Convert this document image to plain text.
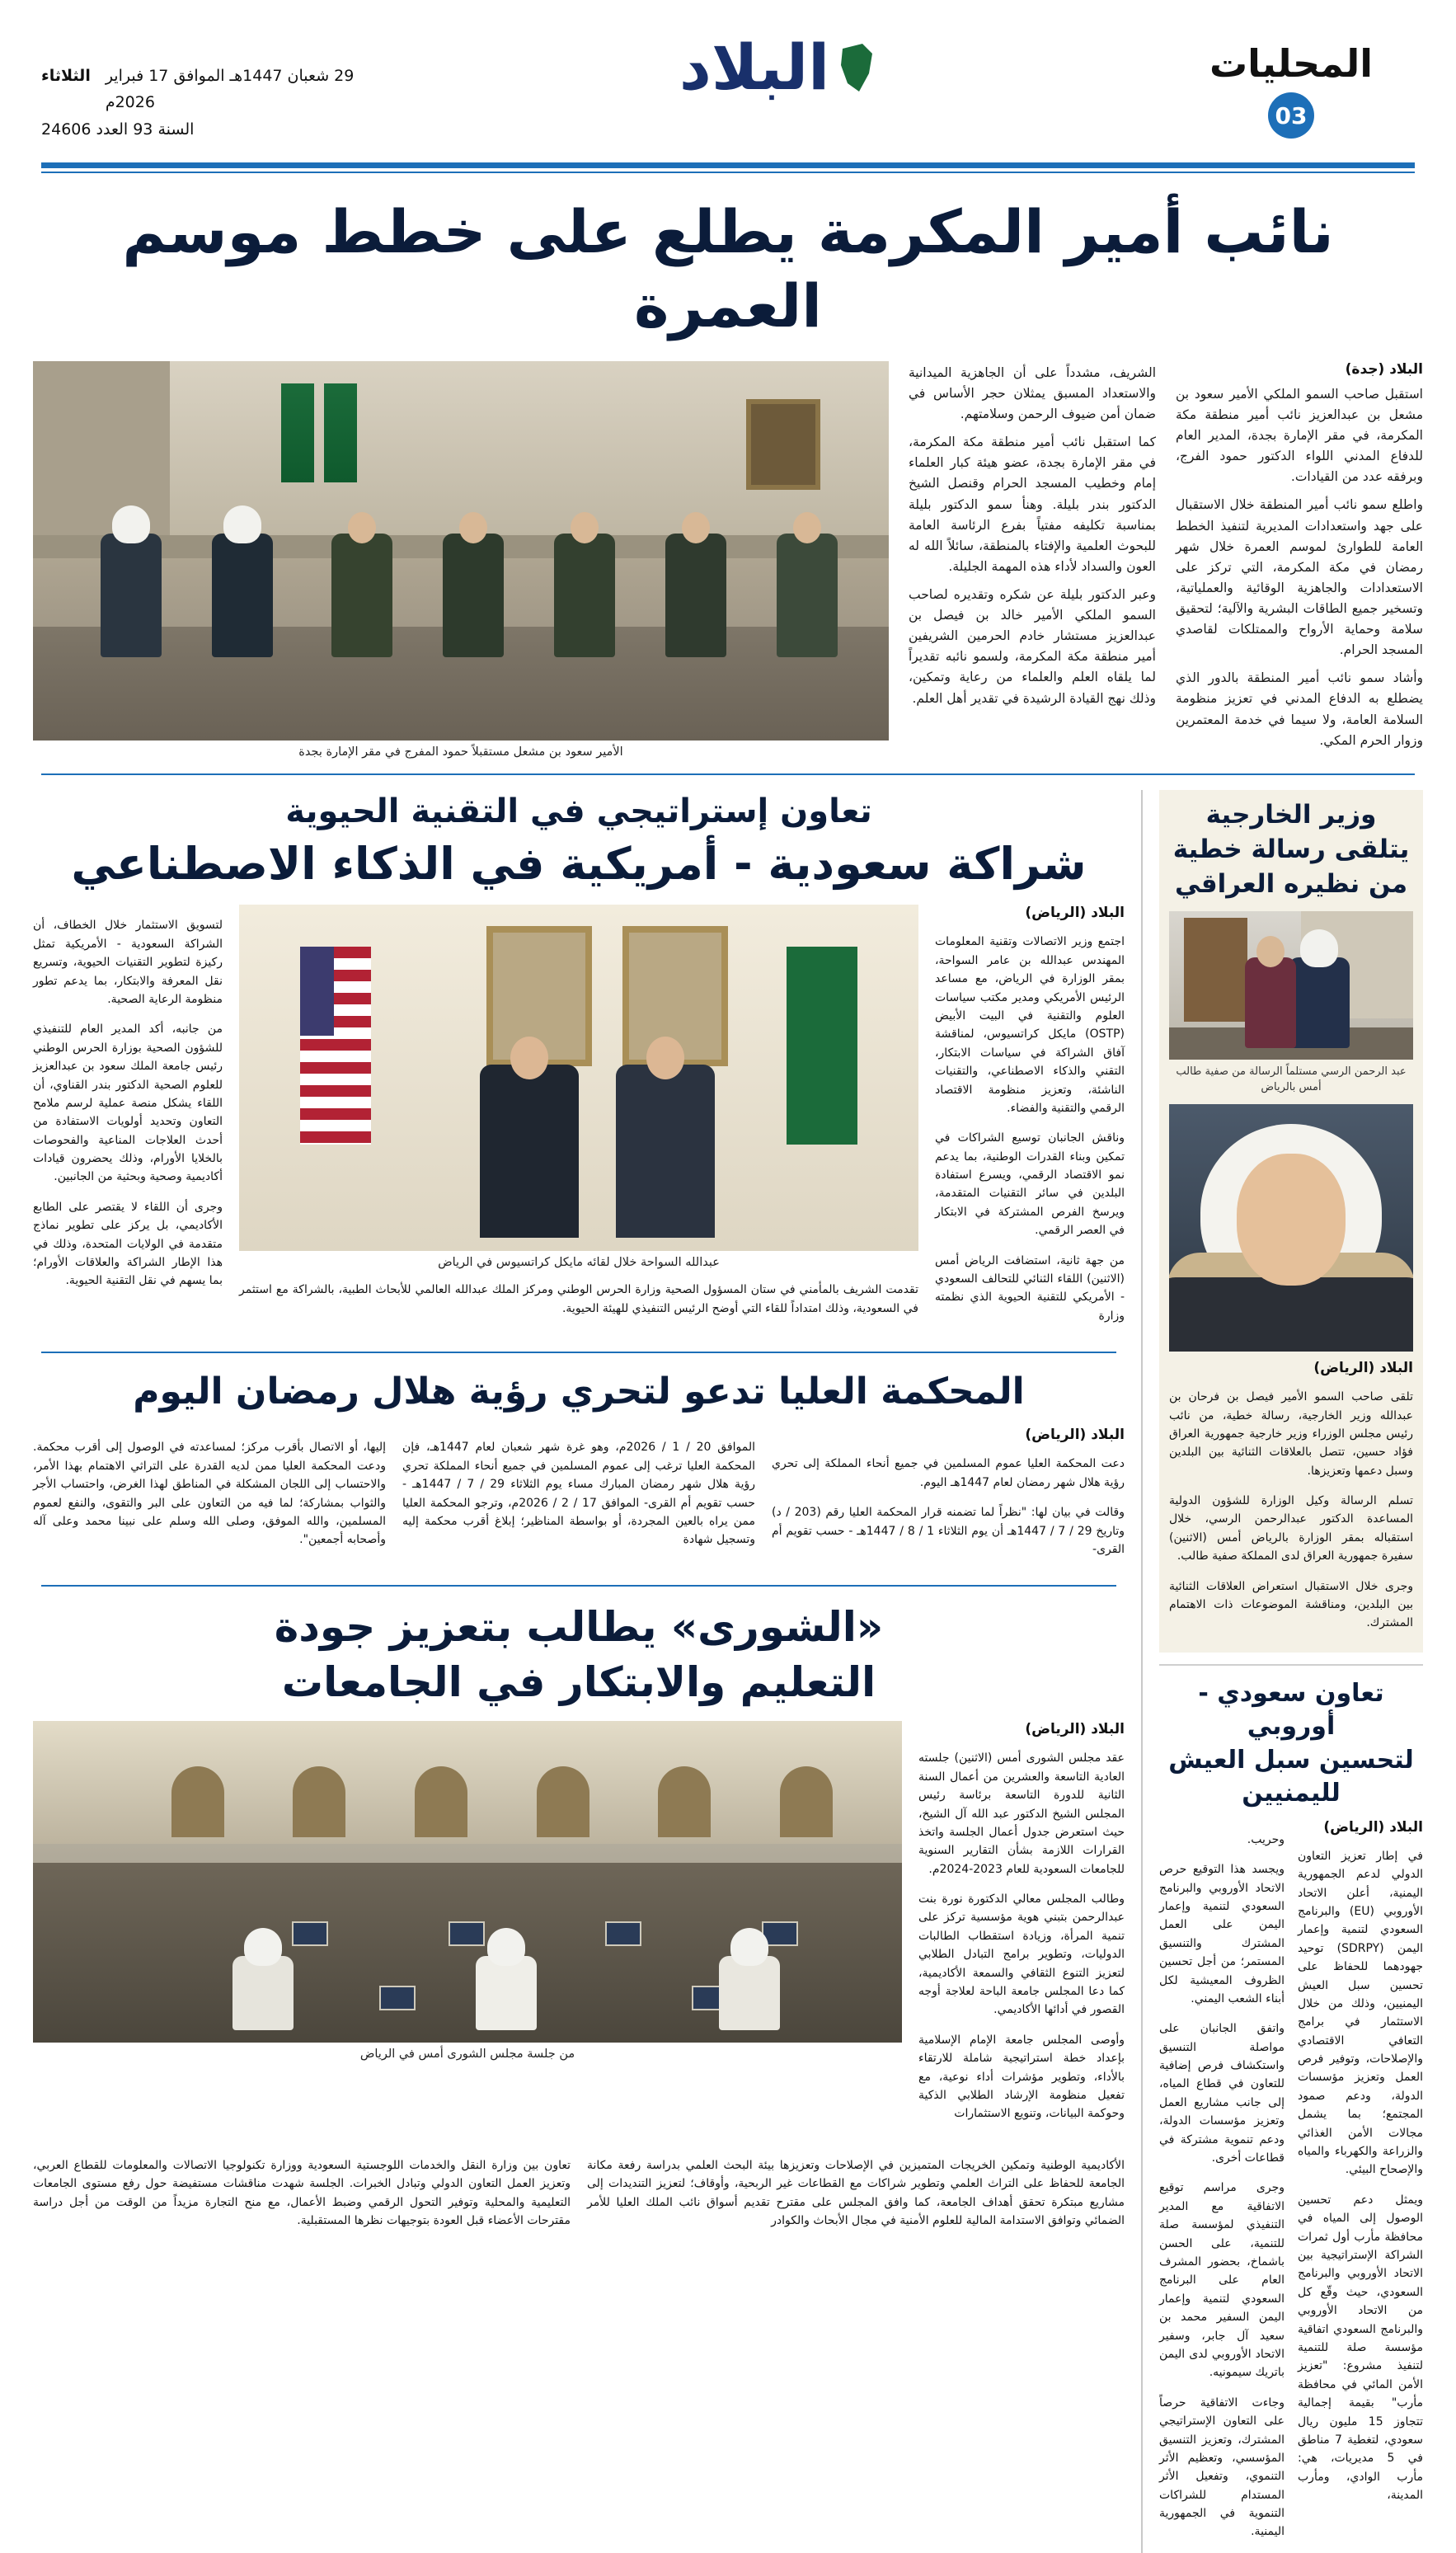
المحليات
03
البلاد
29 شعبان 1447هـ الموافق 17 فبراير 2026م
الثلاثاء
السنة 93 العدد 24606
نائب أمير المكرمة يطلع على خطط موسم العمرة
البلاد (جدة)

استقبل صاحب السمو الملكي الأمير سعود بن مشعل بن عبدالعزيز نائب أمير منطقة مكة المكرمة، في مقر الإمارة بجدة، المدير العام للدفاع المدني اللواء الدكتور حمود الفرج، وبرفقه عدد من القيادات.

واطلع سمو نائب أمير المنطقة خلال الاستقبال على جهد واستعدادات المديرية لتنفيذ الخطط العامة للطوارئ لموسم العمرة خلال شهر رمضان في مكة المكرمة، التي تركز على الاستعدادات والجاهزية الوقائية والعملياتية، وتسخير جميع الطاقات البشرية والآلية؛ لتحقيق سلامة وحماية الأرواح والممتلكات لقاصدي المسجد الحرام.

وأشاد سمو نائب أمير المنطقة بالدور الذي يضطلع به الدفاع المدني في تعزيز منظومة السلامة العامة، ولا سيما في خدمة المعتمرين وزوار الحرم المكي.

الشريف، مشدداً على أن الجاهزية الميدانية والاستعداد المسبق يمثلان حجر الأساس في ضمان أمن ضيوف الرحمن وسلامتهم.

كما استقبل نائب أمير منطقة مكة المكرمة، في مقر الإمارة بجدة، عضو هيئة كبار العلماء إمام وخطيب المسجد الحرام وقنصل الشيخ الدكتور بندر بليلة. وهنأ سمو الدكتور بليلة بمناسبة تكليفه مفتياً بفرع الرئاسة العامة للبحوث العلمية والإفتاء بالمنطقة، سائلاً الله له العون والسداد لأداء هذه المهمة الجليلة.

وعبر الدكتور بليلة عن شكره وتقديره لصاحب السمو الملكي الأمير خالد بن فيصل بن عبدالعزيز مستشار خادم الحرمين الشريفين أمير منطقة مكة المكرمة، ولسمو نائبه تقديراً لما يلقاه العلم والعلماء من رعاية وتمكين، وذلك نهج القيادة الرشيدة في تقدير أهل العلم.

الأمير سعود بن مشعل مستقبلاً حمود المفرج في مقر الإمارة بجدة
وزير الخارجية يتلقى رسالة خطية من نظيره العراقي
عبد الرحمن الرسي مستلماً الرسالة من صفية طالب أمس بالرياض
البلاد (الرياض)

تلقى صاحب السمو الأمير فيصل بن فرحان بن عبدالله وزير الخارجية، رسالة خطية، من نائب رئيس مجلس الوزراء وزير خارجية جمهورية العراق فؤاد حسين، تتصل بالعلاقات الثنائية بين البلدين وسبل دعمها وتعزيزها.

تسلم الرسالة وكيل الوزارة للشؤون الدولية المساعدة الدكتور عبدالرحمن الرسي، خلال استقباله بمقر الوزارة بالرياض أمس (الاثنين) سفيرة جمهورية العراق لدى المملكة صفية طالب.

وجرى خلال الاستقبال استعراض العلاقات الثنائية بين البلدين، ومناقشة الموضوعات ذات الاهتمام المشترك.

تعاون سعودي - أوروبي
لتحسين سبل العيش لليمنيين
البلاد (الرياض)

في إطار تعزيز التعاون الدولي لدعم الجمهورية اليمنية، أعلن الاتحاد الأوروبي (EU) والبرنامج السعودي لتنمية وإعمار اليمن (SDRPY) توحيد جهودهما للحفاظ على تحسين سبل العيش اليمنيين، وذلك من خلال الاستثمار في برامج التعافي الاقتصادي والإصلاحات، وتوفير فرص العمل وتعزيز مؤسسات الدولة، ودعم صمود المجتمع؛ بما يشمل مجالات الأمن الغذائي والزراعة والكهرباء والمياه والإصحاح البيئي.

ويمثل دعم تحسين الوصول إلى المياه في محافظة مأرب أول ثمرات الشراكة الإستراتيجية بين الاتحاد الأوروبي والبرنامج السعودي، حيث وقّع كل من الاتحاد الأوروبي والبرنامج السعودي اتفاقية مؤسسة صلة للتنمية لتنفيذ مشروع: "تعزيز الأمن المائي في محافظة مأرب" بقيمة إجمالية تتجاوز 15 مليون ريال سعودي، لتغطية 7 مناطق في 5 مديريات، هي: مأرب الوادي، ومأرب المدينة،

وحريب.

ويجسد هذا التوقيع حرص الاتحاد الأوروبي والبرنامج السعودي لتنمية وإعمار اليمن على العمل المشترك والتنسيق المستمر؛ من أجل تحسين الظروف المعيشية لكل أبناء الشعب اليمني.

واتفق الجانبان على مواصلة التنسيق واستكشاف فرص إضافية للتعاون في قطاع المياه، إلى جانب مشاريع العمل وتعزيز مؤسسات الدولة، ودعم تنموية مشتركة في قطاعات أخرى.

وجرى مراسم توقيع الاتفاقية مع المدير التنفيذي لمؤسسة صلة للتنمية، على الحسن باشماخ، بحضور المشرف العام على البرنامج السعودي لتنمية وإعمار اليمن السفير محمد بن سعيد آل جابر، وسفير الاتحاد الأوروبي لدى اليمن باتريك سيمونيه.

وجاءت الاتفاقية حرصاً على التعاون الإستراتيجي المشترك، وتعزيز التنسيق المؤسسي، وتعظيم الأثر التنموي، وتفعيل الأثر المستدام للشراكات التنموية في الجمهورية اليمنية.

تعاون إستراتيجي في التقنية الحيوية
شراكة سعودية - أمريكية في الذكاء الاصطناعي
البلاد (الرياض)

اجتمع وزير الاتصالات وتقنية المعلومات المهندس عبدالله بن عامر السواحة، بمقر الوزارة في الرياض، مع مساعد الرئيس الأمريكي ومدير مكتب سياسات العلوم والتقنية في البيت الأبيض (OSTP) مايكل كراتسيوس، لمناقشة آفاق الشراكة في سياسات الابتكار، التقني والذكاء الاصطناعي، والتقنيات الناشئة، وتعزيز منظومة الاقتصاد الرقمي والتقنية والفضاء.

وناقش الجانبان توسيع الشراكات في تمكين وبناء القدرات الوطنية، بما يدعم نمو الاقتصاد الرقمي، ويسرع استفادة البلدين في سائر التقنيات المتقدمة، ويرسخ الفرص المشتركة في الابتكار في العصر الرقمي.

من جهة ثانية، استضافت الرياض أمس (الاثنين) اللقاء الثنائي للتحالف السعودي - الأمريكي للتقنية الحيوية الذي نظمته وزارة

عبدالله السواحة خلال لقائه مايكل كراتسيوس في الرياض

تقدمت الشريف بالمأمني في ستان المسؤول الصحية وزارة الحرس الوطني ومركز الملك عبدالله العالمي للأبحاث الطبية، بالشراكة مع استثمر في السعودية، وذلك امتداداً للقاء التي أوضح الرئيس التنفيذي للهيئة الحيوية.

لتسويق الاستثمار خلال الخطاف، أن الشراكة السعودية - الأمريكية تمثل ركيزة لتطوير التقنيات الحيوية، وتسريع نقل المعرفة والابتكار، بما يدعم تطور منظومة الرعاية الصحية.

من جانبه، أكد المدير العام للتنفيذي للشؤون الصحية بوزارة الحرس الوطني رئيس جامعة الملك سعود بن عبدالعزيز للعلوم الصحية الدكتور بندر القناوي، أن اللقاء يشكل منصة عملية لرسم ملامح التعاون وتحديد أولويات الاستفادة من أحدث العلاجات المناعية والفحوصات بالخلايا الأورام، وذلك يحضرون قيادات أكاديمية وصحية وبحثية من الجانبين.

وجرى أن اللقاء لا يقتصر على الطابع الأكاديمي، بل يركز على تطوير نماذج متقدمة في الولايات المتحدة، وذلك في هذا الإطار الشراكة والعلاقات الأورام؛ بما يسهم في نقل التقنية الحيوية.

المحكمة العليا تدعو لتحري رؤية هلال رمضان اليوم
البلاد (الرياض)

دعت المحكمة العليا عموم المسلمين في جميع أنحاء المملكة إلى تحري رؤية هلال شهر رمضان لعام 1447هـ اليوم.

وقالت في بيان لها: "نظراً لما تضمنه قرار المحكمة العليا رقم (203 / د) وتاريخ 29 / 7 / 1447هـ أن يوم الثلاثاء 1 / 8 / 1447هـ - حسب تقويم أم القرى-

الموافق 20 / 1 / 2026م، وهو غرة شهر شعبان لعام 1447هـ، فإن المحكمة العليا ترغب إلى عموم المسلمين في جميع أنحاء المملكة تحري رؤية هلال شهر رمضان المبارك مساء يوم الثلاثاء 29 / 7 / 1447هـ - حسب تقويم أم القرى- الموافق 17 / 2 / 2026م، وترجو المحكمة العليا ممن يراه بالعين المجردة، أو بواسطة المناظير؛ إبلاغ أقرب محكمة إليه وتسجيل شهادة

إليها، أو الاتصال بأقرب مركز؛ لمساعدته في الوصول إلى أقرب محكمة. ودعت المحكمة العليا ممن لديه القدرة على التراثي الاهتمام بهذا الأمر، والاحتساب إلى اللجان المشكلة في المناطق لهذا الغرض، واحتساب الأجر والثواب بمشاركة؛ لما فيه من التعاون على البر والتقوى، والنفع لعموم المسلمين، والله الموفق، وصلى الله وسلم على نبينا محمد وعلى آله وأصحابه أجمعين".

«الشورى» يطالب بتعزيز جودة
التعليم والابتكار في الجامعات
البلاد (الرياض)

عقد مجلس الشورى أمس (الاثنين) جلسته العادية التاسعة والعشرين من أعمال السنة الثانية للدورة التاسعة برئاسة رئيس المجلس الشيخ الدكتور عبد الله آل الشيخ، حيث استعرض جدول أعمال الجلسة واتخذ القرارات اللازمة بشأن التقارير السنوية للجامعات السعودية للعام 2023-2024م.

وطالب المجلس معالي الدكتورة نورة بنت عبدالرحمن بتبني هوية مؤسسية تركز على تنمية المرأة، وزيادة استقطاب الطالبات الدوليات، وتطوير برامج التبادل الطلابي لتعزيز التنوع الثقافي والسمعة الأكاديمية، كما دعا المجلس جامعة الباحة لعلاجة أوجه القصور في أدائها الأكاديمي.

وأوصى المجلس جامعة الإمام الإسلامية بإعداد خطة استراتيجية شاملة للارتقاء بالأداء، وتطوير مؤشرات أداء نوعية، مع تفعيل منظومة الإرشاد الطلابي الذكية وحوكمة البيانات، وتنويع الاستثمارات

من جلسة مجلس الشورى أمس في الرياض

الأكاديمية الوطنية وتمكين الخريجات المتميزين في الإصلاحات وتعزيزها بيئة البحث العلمي بدراسة رفعة مكانة الجامعة للحفاظ على التراث العلمي وتطوير شراكات مع القطاعات غير الربحية، وأوقاف؛ لتعزيز التنديدات إلى مشاريع مبتكرة تحقق أهداف الجامعة، كما وافق المجلس على مقترح تقديم أسواق نائب الملك العليا للأمر الضمائي وتوافق الاستدامة المالية للعلوم الأمنية في مجال الأبحاث والكوادر

تعاون بين وزارة النقل والخدمات اللوجستية السعودية ووزارة تكنولوجيا الاتصالات والمعلومات للقطاع العربي، وتعزيز العمل التعاون الدولي وتبادل الخبرات. الجلسة شهدت مناقشات مستفيضة حول رفع مستوى الجامعات التعليمية والمحلية وتوفير التحول الرقمي وضبط الأعمال، مع منح التجارة مزيداً من الوقت من أجل دراسة مقترحات الأعضاء قبل العودة بتوجيهات نظرها المستقبلية.
